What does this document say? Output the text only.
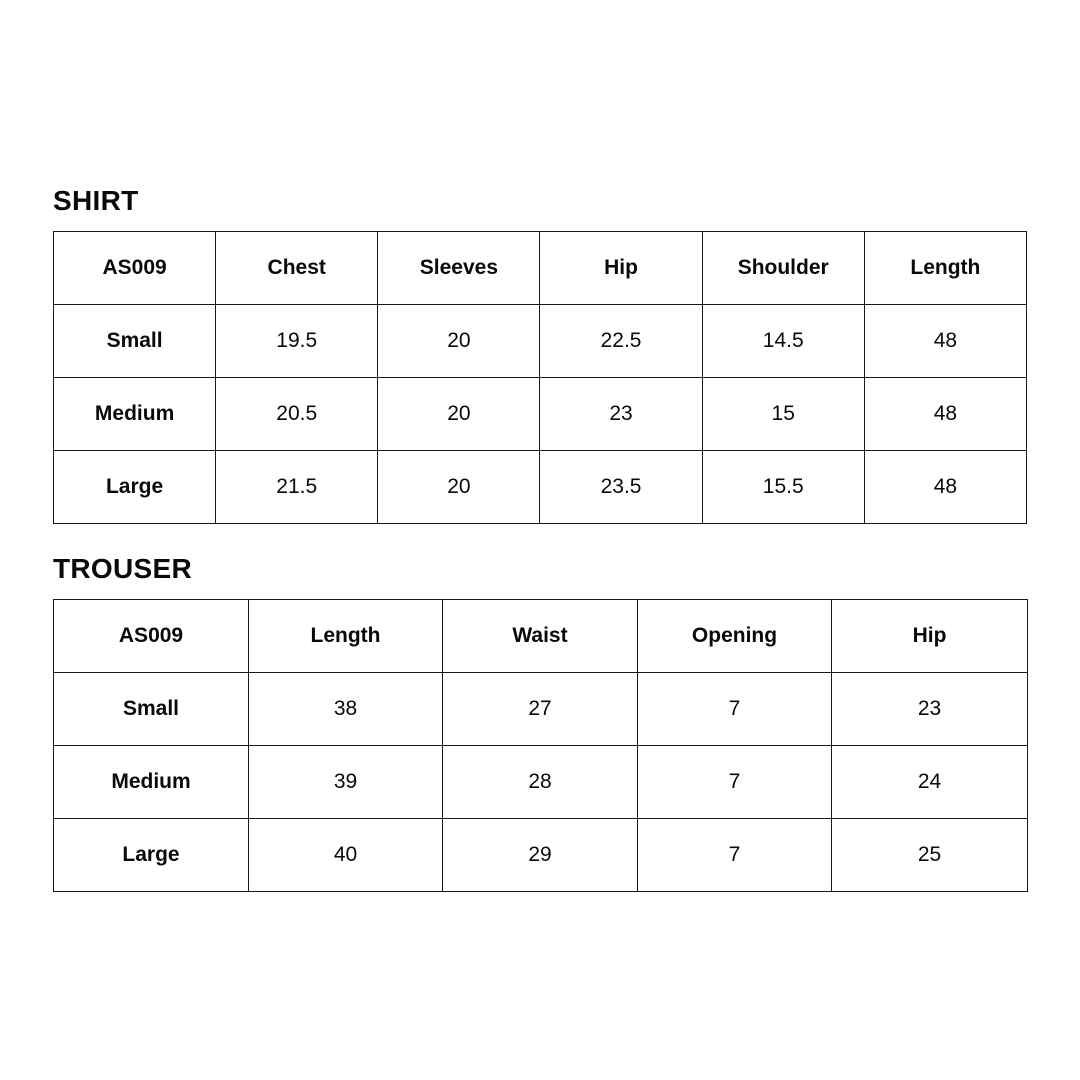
SHIRT
AS009	Chest	Sleeves	Hip	Shoulder	Length
Small	19.5	20	22.5	14.5	48
Medium	20.5	20	23	15	48
Large	21.5	20	23.5	15.5	48
TROUSER
AS009	Length	Waist	Opening	Hip
Small	38	27	7	23
Medium	39	28	7	24
Large	40	29	7	25
